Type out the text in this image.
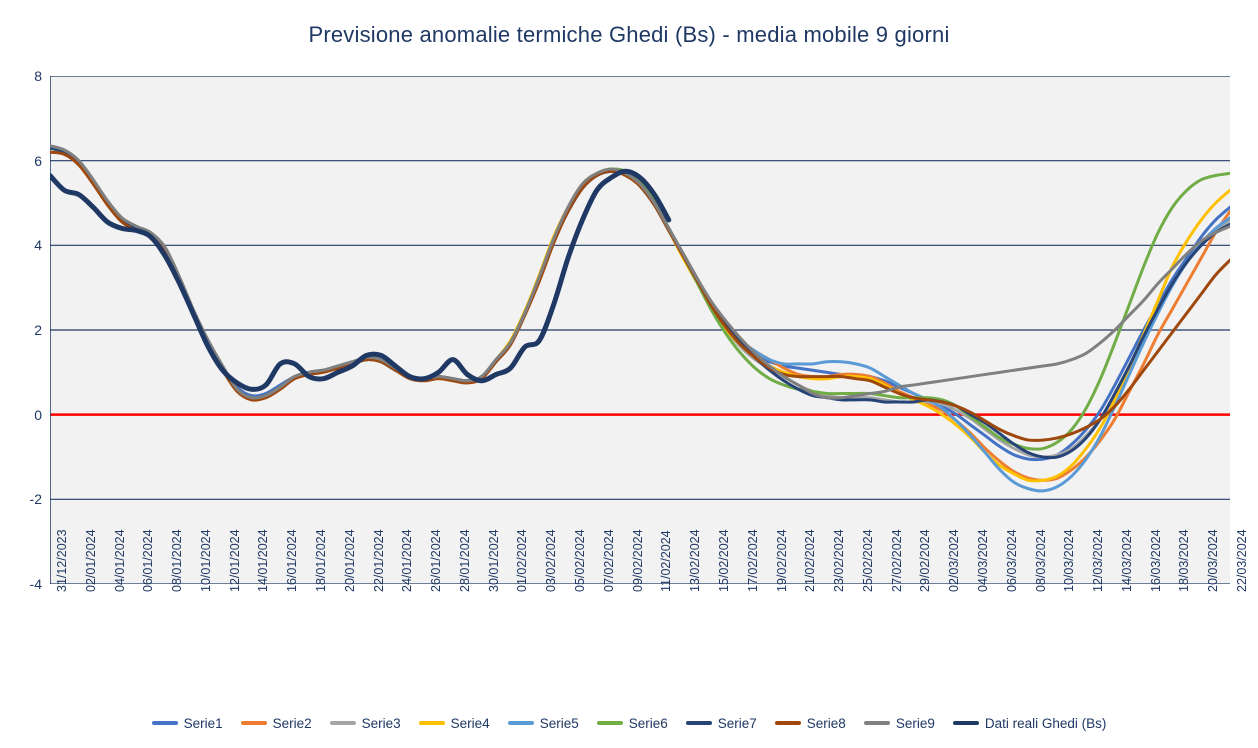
Previsione anomalie termiche Ghedi (Bs) - media mobile 9 giorni
-4
-2
0
2
4
6
8
31/12/2023 02/01/2024 04/01/2024 06/01/2024 08/01/2024 10/01/2024 12/01/2024 14/01/2024 16/01/2024 18/01/2024 20/01/2024 22/01/2024 24/01/2024 26/01/2024 28/01/2024 30/01/2024 01/02/2024 03/02/2024 05/02/2024 07/02/2024 09/02/2024 11/02/2024 13/02/2024 15/02/2024 17/02/2024 19/02/2024 21/02/2024 23/02/2024 25/02/2024 27/02/2024 29/02/2024 02/03/2024 04/03/2024 06/03/2024 08/03/2024 10/03/2024 12/03/2024 14/03/2024 16/03/2024 18/03/2024 20/03/2024 22/03/2024
Serie1	Serie2	Serie3	Serie4	Serie5	Serie6	Serie7	Serie8	Serie9	Dati reali Ghedi (Bs)
